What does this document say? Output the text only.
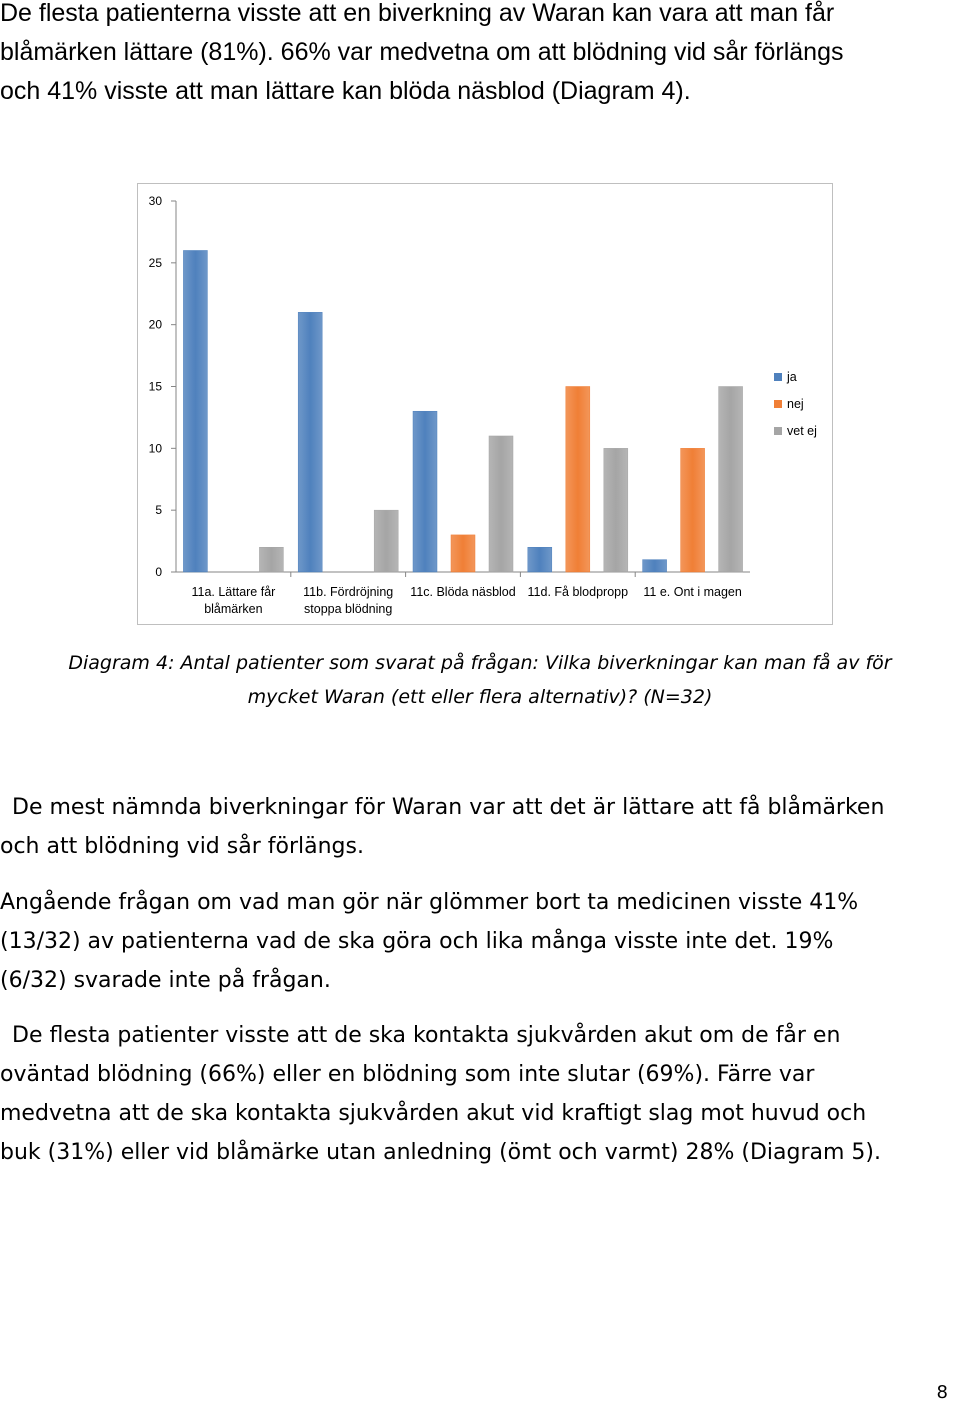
De flesta patienterna visste att en biverkning av Waran kan vara att man får
blåmärken lättare (81%). 66% var medvetna om att blödning vid sår förlängs
och 41% visste att man lättare kan blöda näsblod (Diagram 4).
0
5
10
15
20
25
30
11a. Lättare får
blåmärken
11b. Fördröjning
stoppa blödning
11c. Blöda näsblod 11d. Få blodpropp 11 e. Ont i magen
ja
nej
vet ej
Diagram 4: Antal patienter som svarat på frågan: Vilka biverkningar kan man få av för
mycket Waran (ett eller flera alternativ)? (N=32)
De mest nämnda biverkningar för Waran var att det är lättare att få blåmärken
och att blödning vid sår förlängs.
Angående frågan om vad man gör när glömmer bort ta medicinen visste 41%
(13/32) av patienterna vad de ska göra och lika många visste inte det. 19%
(6/32) svarade inte på frågan.
De flesta patienter visste att de ska kontakta sjukvården akut om de får en
oväntad blödning (66%) eller en blödning som inte slutar (69%). Färre var
medvetna att de ska kontakta sjukvården akut vid kraftigt slag mot huvud och
buk (31%) eller vid blåmärke utan anledning (ömt och varmt) 28% (Diagram 5).
8
